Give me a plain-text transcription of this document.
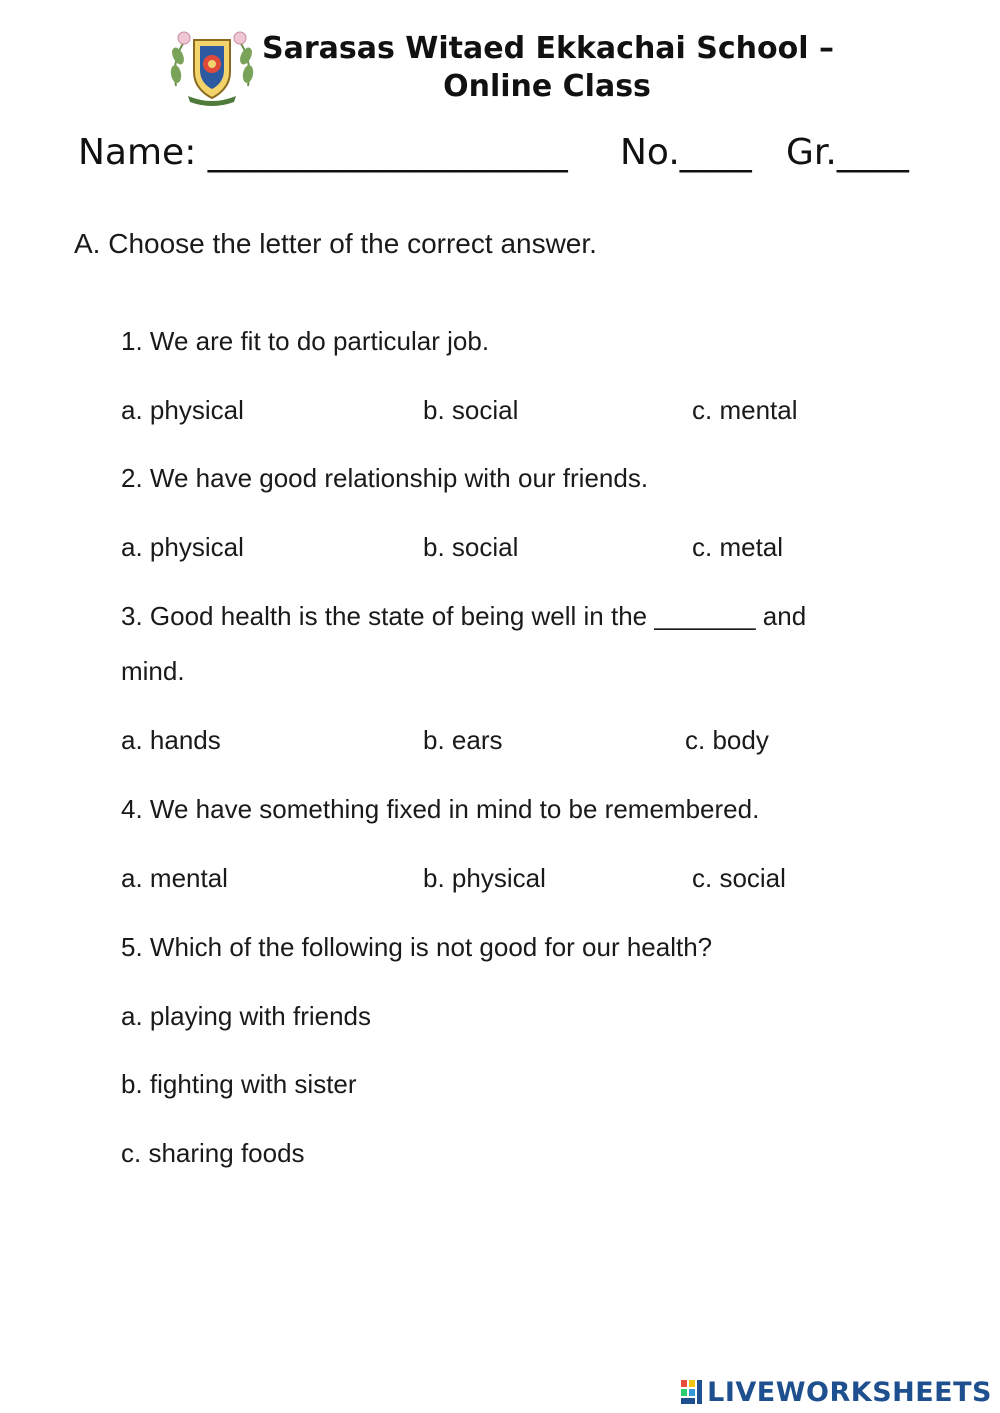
Sarasas Witaed Ekkachai School –
Online Class
Name: ____________________ No.____ Gr.____
A. Choose the letter of the correct answer.
1. We are fit to do particular job.
a. physical	b. social	c. mental
2. We have good relationship with our friends.
a. physical	b. social	c. metal
3. Good health is the state of being well in the _______ and
mind.
a. hands	b. ears	c. body
4. We have something fixed in mind to be remembered.
a. mental	b. physical	c. social
5. Which of the following is not good for our health?
a. playing with friends
b. fighting with sister
c. sharing foods
LIVEWORKSHEETS
